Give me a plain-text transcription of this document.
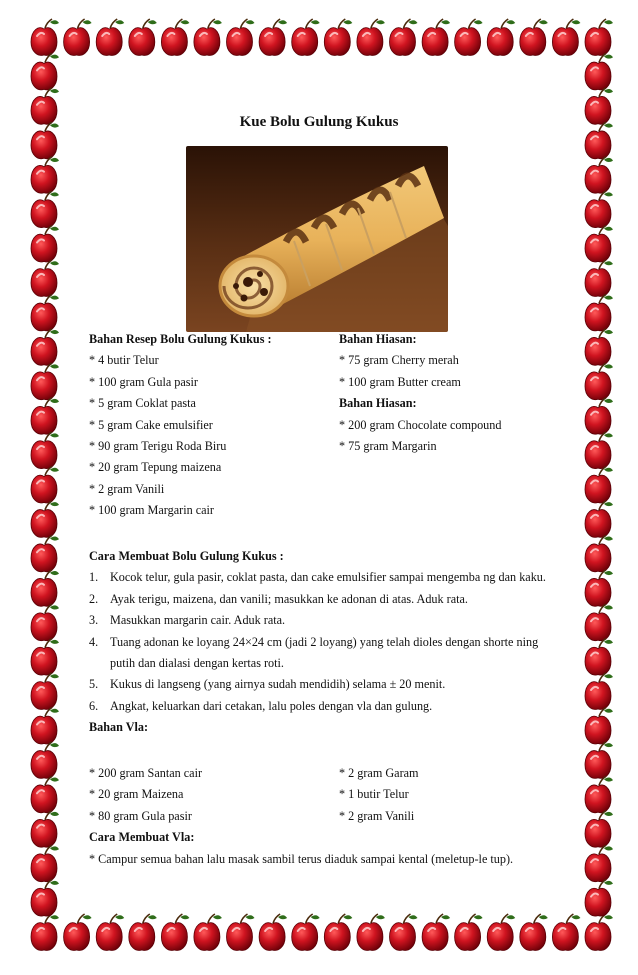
Kue Bolu Gulung Kukus
Bahan Resep Bolu Gulung Kukus :
* 4 butir Telur
* 100 gram Gula pasir
* 5 gram Coklat pasta
* 5 gram Cake emulsifier
* 90 gram Terigu Roda Biru
* 20 gram Tepung maizena
* 2 gram Vanili
* 100 gram Margarin cair
Bahan Hiasan:
* 75 gram Cherry merah
* 100 gram Butter cream
Bahan Hiasan:
* 200 gram Chocolate compound
* 75 gram Margarin
Cara Membuat Bolu Gulung Kukus :
1. Kocok telur, gula pasir, coklat pasta, dan cake emulsifier sampai mengemba ng dan kaku.
2. Ayak terigu, maizena, dan vanili; masukkan ke adonan di atas. Aduk rata.
3. Masukkan margarin cair. Aduk rata.
4. Tuang adonan ke loyang 24×24 cm (jadi 2 loyang) yang telah dioles dengan shorte ning putih dan dialasi dengan kertas roti.
5. Kukus di langseng (yang airnya sudah mendidih) selama ± 20 menit.
6. Angkat, keluarkan dari cetakan, lalu poles dengan vla dan gulung.
Bahan Vla:
* 200 gram Santan cair
* 20 gram Maizena
* 80 gram Gula pasir
Cara Membuat Vla:
* Campur semua bahan lalu masak sambil terus diaduk sampai kental (meletup-le tup).
* 2 gram Garam
* 1 butir Telur
* 2 gram Vanili
